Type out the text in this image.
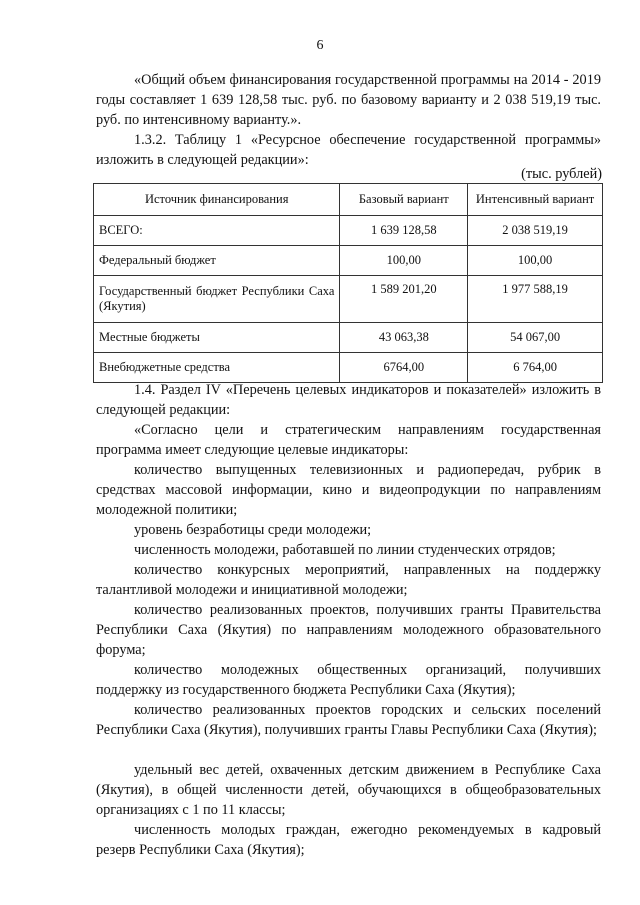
6

«Общий объем финансирования государственной программы на 2014 - 2019 годы составляет 1 639 128,58 тыс. руб. по базовому варианту и 2 038 519,19 тыс. руб. по интенсивному варианту.».

1.3.2. Таблицу 1 «Ресурсное обеспечение государственной программы» изложить в следующей редакции»:

(тыс. рублей)
Источник финансирования	Базовый вариант	Интенсивный вариант
ВСЕГО:	1 639 128,58	2 038 519,19
Федеральный бюджет	100,00	100,00
Государственный бюджет Республики Саха (Якутия)	1 589 201,20	1 977 588,19
Местные бюджеты	43 063,38	54 067,00
Внебюджетные средства	6764,00	6 764,00

1.4. Раздел IV «Перечень целевых индикаторов и показателей» изложить в следующей редакции:

«Согласно цели и стратегическим направлениям государственная программа имеет следующие целевые индикаторы:

количество выпущенных телевизионных и радиопередач, рубрик в средствах массовой информации, кино и видеопродукции по направлениям молодежной политики;

уровень безработицы среди молодежи;

численность молодежи, работавшей по линии студенческих отрядов;

количество конкурсных мероприятий, направленных на поддержку талантливой молодежи и инициативной молодежи;

количество реализованных проектов, получивших гранты Правительства Республики Саха (Якутия) по направлениям молодежного образовательного форума;

количество молодежных общественных организаций, получивших поддержку из государственного бюджета Республики Саха (Якутия);

количество реализованных проектов городских и сельских поселений Республики Саха (Якутия), получивших гранты Главы Республики Саха (Якутия);

удельный вес детей, охваченных детским движением в Республике Саха (Якутия), в общей численности детей, обучающихся в общеобразовательных организациях с 1 по 11 классы;

численность молодых граждан, ежегодно рекомендуемых в кадровый резерв Республики Саха (Якутия);
